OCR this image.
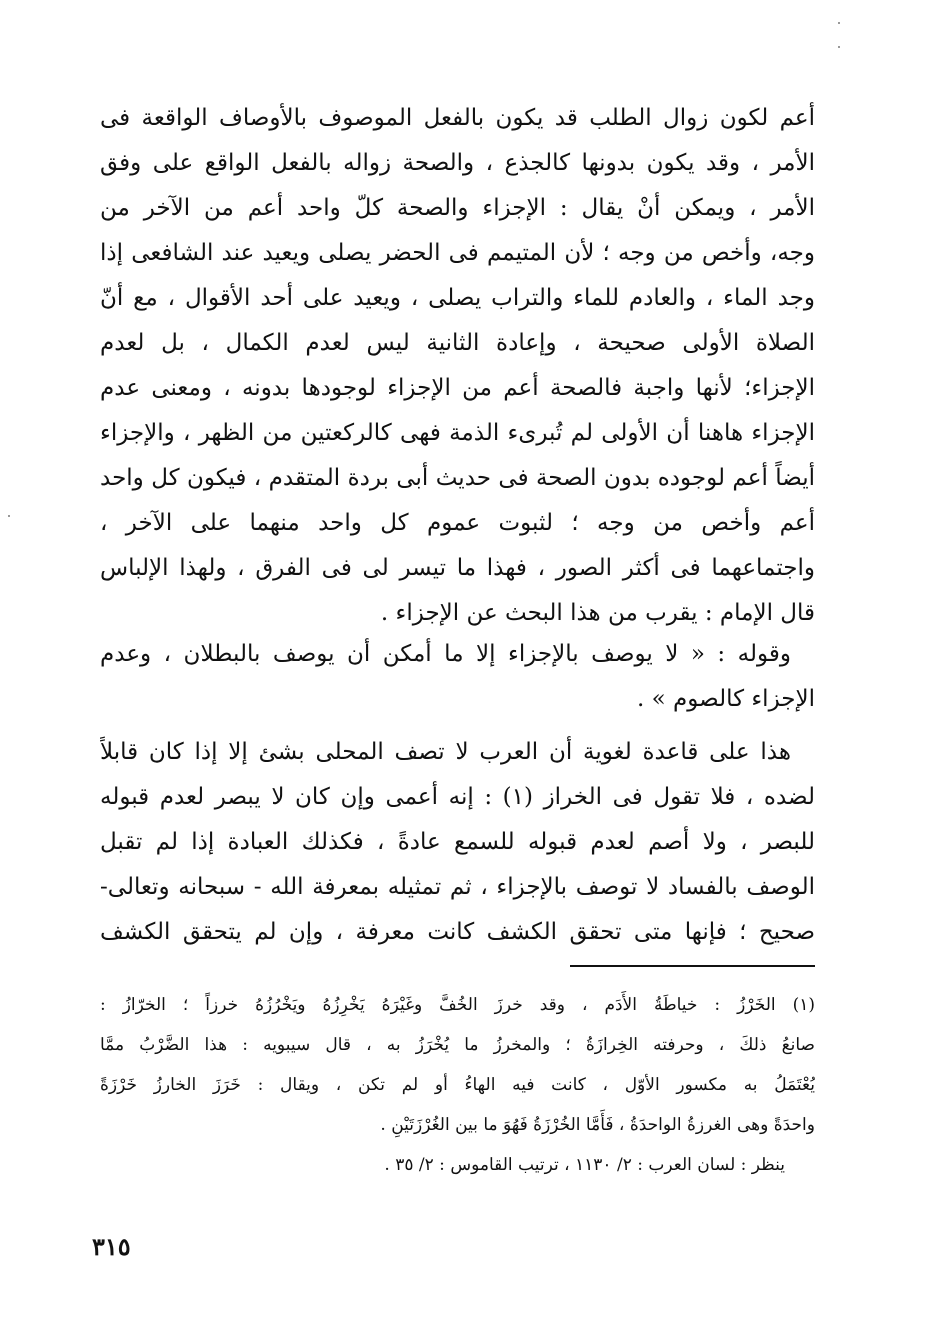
أعم لكون زوال الطلب قد يكون بالفعل الموصوف بالأوصاف الواقعة فى
الأمر ، وقد يكون بدونها كالجذع ، والصحة زواله بالفعل الواقع على وفق
الأمر ، ويمكن أنْ يقال : الإجزاء والصحة كلّ واحد أعم من الآخر من
وجه، وأخص من وجه ؛ لأن المتيمم فى الحضر يصلى ويعيد عند الشافعى إذا
وجد الماء ، والعادم للماء والتراب يصلى ، ويعيد على أحد الأقوال ، مع أنّ
الصلاة الأولى صحيحة ، وإعادة الثانية ليس لعدم الكمال ، بل لعدم
الإجزاء؛ لأنها واجبة فالصحة أعم من الإجزاء لوجودها بدونه ، ومعنى عدم
الإجزاء هاهنا أن الأولى لم تُبرىء الذمة فهى كالركعتين من الظهر ، والإجزاء
أيضاً أعم لوجوده بدون الصحة فى حديث أبى بردة المتقدم ، فيكون كل واحد
أعم وأخص من وجه ؛ لثبوت عموم كل واحد منهما على الآخر ،
واجتماعهما فى أكثر الصور ، فهذا ما تيسر لى فى الفرق ، ولهذا الإلباس
قال الإمام : يقرب من هذا البحث عن الإجزاء .
وقوله : « لا يوصف بالإجزاء إلا ما أمكن أن يوصف بالبطلان ، وعدم
الإجزاء كالصوم » .
هذا على قاعدة لغوية أن العرب لا تصف المحلى بشئ إلا إذا كان قابلاً
لضده ، فلا تقول فى الخراز (١) : إنه أعمى وإن كان لا يبصر لعدم قبوله
للبصر ، ولا أصم لعدم قبوله للسمع عادةً ، فكذلك العبادة إذا لم تقبل
الوصف بالفساد لا توصف بالإجزاء ، ثم تمثيله بمعرفة الله - سبحانه وتعالى-
صحيح ؛ فإنها متى تحقق الكشف كانت معرفة ، وإن لم يتحقق الكشف
(١) الخَرْزُ : خياطَةُ الأَدَم ، وقد خرزَ الخُفَّ وغَيْرَهُ يَخْرِزُهُ ويَخْرُزُهُ خرزاً ؛ الخرّازُ :
صانعُ ذلكَ ، وحرفته الخِرازَةُ ؛ والمخرزُ ما يُخْرَزُ به ، قال سيبويه : هذا الضَّرْبُ ممَّا
يُعْتَمَلُ به مكسور الأوّل ، كانت فيه الهاءُ أو لم تكن ، ويقال : خَرَزَ الخارزُ خَرْزَةً
واحدَةً وهى الغرزةُ الواحدَةُ ، فَأَمَّا الخُرْزَةُ فَهُوَ ما بين الغُرْزَتَيْنِ .
ينظر : لسان العرب : ٢/ ١١٣٠ ، ترتيب القاموس : ٢/ ٣٥ .
٣١٥
